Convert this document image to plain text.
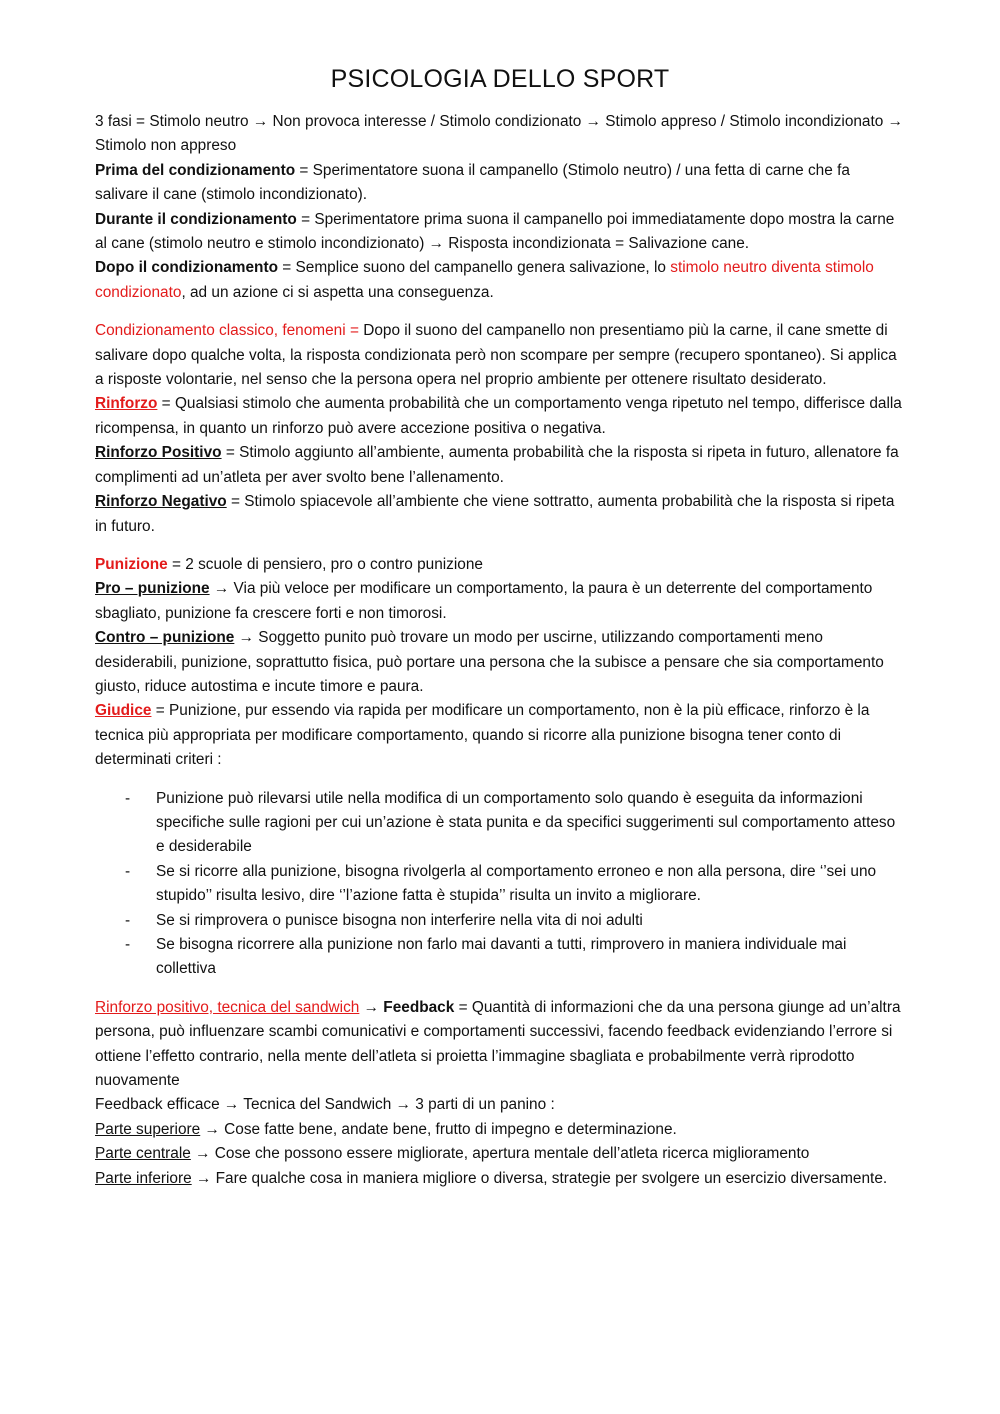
PSICOLOGIA DELLO SPORT

3 fasi = Stimolo neutro → Non provoca interesse / Stimolo condizionato → Stimolo appreso / Stimolo incondizionato → Stimolo non appreso

Prima del condizionamento = Sperimentatore suona il campanello (Stimolo neutro) / una fetta di carne che fa salivare il cane (stimolo incondizionato).

Durante il condizionamento = Sperimentatore prima suona il campanello poi immediatamente dopo mostra la carne al cane (stimolo neutro e stimolo incondizionato) → Risposta incondizionata = Salivazione cane.

Dopo il condizionamento = Semplice suono del campanello genera salivazione, lo stimolo neutro diventa stimolo condizionato, ad un azione ci si aspetta una conseguenza.

Condizionamento classico, fenomeni = Dopo il suono del campanello non presentiamo più la carne, il cane smette di salivare dopo qualche volta, la risposta condizionata però non scompare per sempre (recupero spontaneo). Si applica a risposte volontarie, nel senso che la persona opera nel proprio ambiente per ottenere risultato desiderato.

Rinforzo = Qualsiasi stimolo che aumenta probabilità che un comportamento venga ripetuto nel tempo, differisce dalla ricompensa, in quanto un rinforzo può avere accezione positiva o negativa.

Rinforzo Positivo = Stimolo aggiunto all’ambiente, aumenta probabilità che la risposta si ripeta in futuro, allenatore fa complimenti ad un’atleta per aver svolto bene l’allenamento.

Rinforzo Negativo = Stimolo spiacevole all’ambiente che viene sottratto, aumenta probabilità che la risposta si ripeta in futuro.

Punizione = 2 scuole di pensiero, pro o contro punizione

Pro – punizione → Via più veloce per modificare un comportamento, la paura è un deterrente del comportamento sbagliato, punizione fa crescere forti e non timorosi.

Contro – punizione → Soggetto punito può trovare un modo per uscirne, utilizzando comportamenti meno desiderabili, punizione, soprattutto fisica, può portare una persona che la subisce a pensare che sia comportamento giusto, riduce autostima e incute timore e paura.

Giudice = Punizione, pur essendo via rapida per modificare un comportamento, non è la più efficace, rinforzo è la tecnica più appropriata per modificare comportamento, quando si ricorre alla punizione bisogna tener conto di determinati criteri :

- Punizione può rilevarsi utile nella modifica di un comportamento solo quando è eseguita da informazioni specifiche sulle ragioni per cui un’azione è stata punita e da specifici suggerimenti sul comportamento atteso e desiderabile
- Se si ricorre alla punizione, bisogna rivolgerla al comportamento erroneo e non alla persona, dire ‘’sei uno stupido’’ risulta lesivo, dire ‘’l’azione fatta è stupida’’ risulta un invito a migliorare.
- Se si rimprovera o punisce bisogna non interferire nella vita di noi adulti
- Se bisogna ricorrere alla punizione non farlo mai davanti a tutti, rimprovero in maniera individuale mai collettiva

Rinforzo positivo, tecnica del sandwich → Feedback = Quantità di informazioni che da una persona giunge ad un’altra persona, può influenzare scambi comunicativi e comportamenti successivi, facendo feedback evidenziando l’errore si ottiene l’effetto contrario, nella mente dell’atleta si proietta l’immagine sbagliata e probabilmente verrà riprodotto nuovamente

Feedback efficace → Tecnica del Sandwich → 3 parti di un panino :

Parte superiore → Cose fatte bene, andate bene, frutto di impegno e determinazione.

Parte centrale → Cose che possono essere migliorate, apertura mentale dell’atleta ricerca miglioramento

Parte inferiore → Fare qualche cosa in maniera migliore o diversa, strategie per svolgere un esercizio diversamente.
